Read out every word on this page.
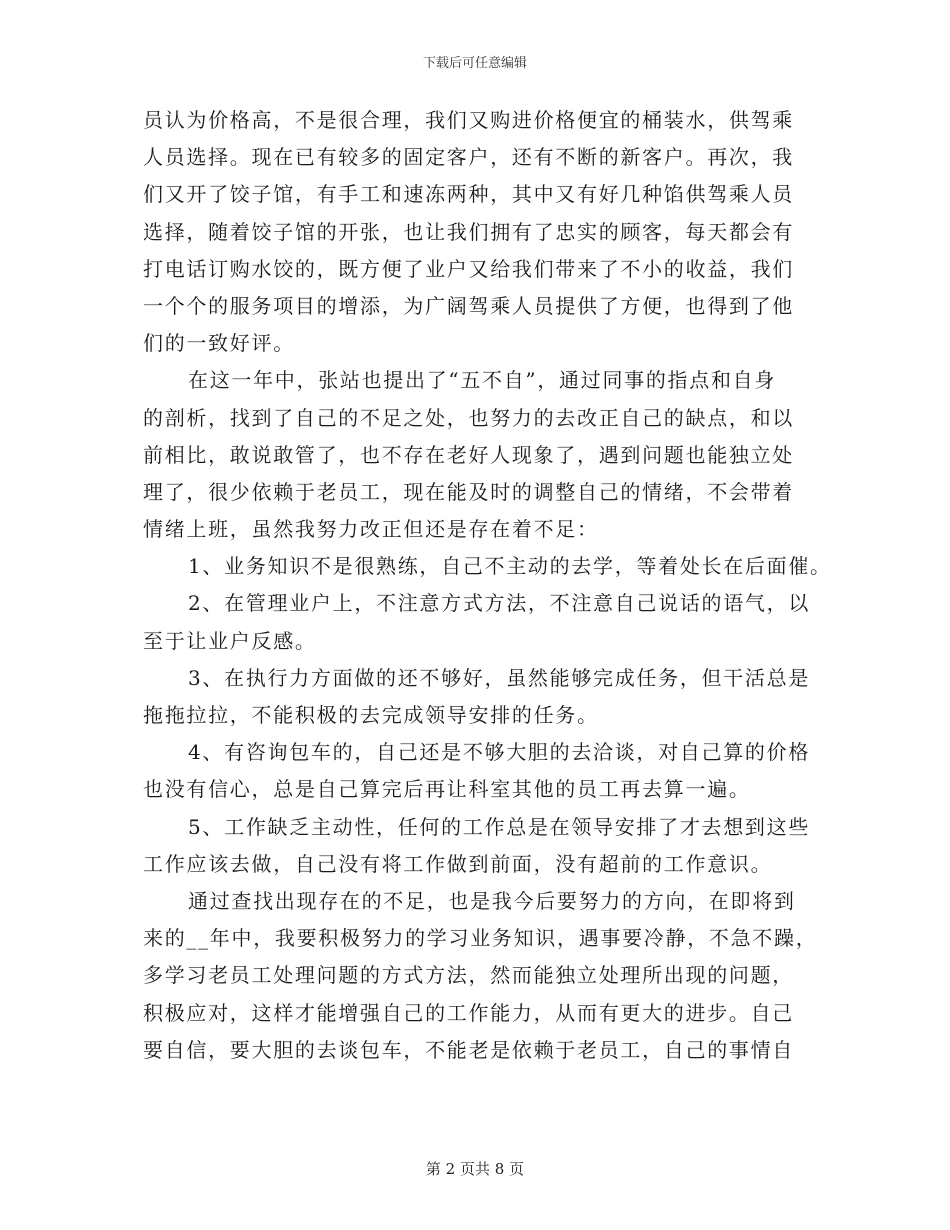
下载后可任意编辑
员认为价格高，不是很合理，我们又购进价格便宜的桶装水，供驾乘
人员选择。现在已有较多的固定客户，还有不断的新客户。再次，我
们又开了饺子馆，有手工和速冻两种，其中又有好几种馅供驾乘人员
选择，随着饺子馆的开张，也让我们拥有了忠实的顾客，每天都会有
打电话订购水饺的，既方便了业户又给我们带来了不小的收益，我们
一个个的服务项目的增添，为广阔驾乘人员提供了方便，也得到了他
们的一致好评。
在这一年中，张站也提出了“五不自”，通过同事的指点和自身
的剖析，找到了自己的不足之处，也努力的去改正自己的缺点，和以
前相比，敢说敢管了，也不存在老好人现象了，遇到问题也能独立处
理了，很少依赖于老员工，现在能及时的调整自己的情绪，不会带着
情绪上班，虽然我努力改正但还是存在着不足：
1、业务知识不是很熟练，自己不主动的去学，等着处长在后面催。
2、在管理业户上，不注意方式方法，不注意自己说话的语气，以
至于让业户反感。
3、在执行力方面做的还不够好，虽然能够完成任务，但干活总是
拖拖拉拉，不能积极的去完成领导安排的任务。
4、有咨询包车的，自己还是不够大胆的去洽谈，对自己算的价格
也没有信心，总是自己算完后再让科室其他的员工再去算一遍。
5、工作缺乏主动性，任何的工作总是在领导安排了才去想到这些
工作应该去做，自己没有将工作做到前面，没有超前的工作意识。
通过查找出现存在的不足，也是我今后要努力的方向，在即将到
来的__年中，我要积极努力的学习业务知识，遇事要冷静，不急不躁，
多学习老员工处理问题的方式方法，然而能独立处理所出现的问题，
积极应对，这样才能增强自己的工作能力，从而有更大的进步。自己
要自信，要大胆的去谈包车，不能老是依赖于老员工，自己的事情自
第 2 页共 8 页
